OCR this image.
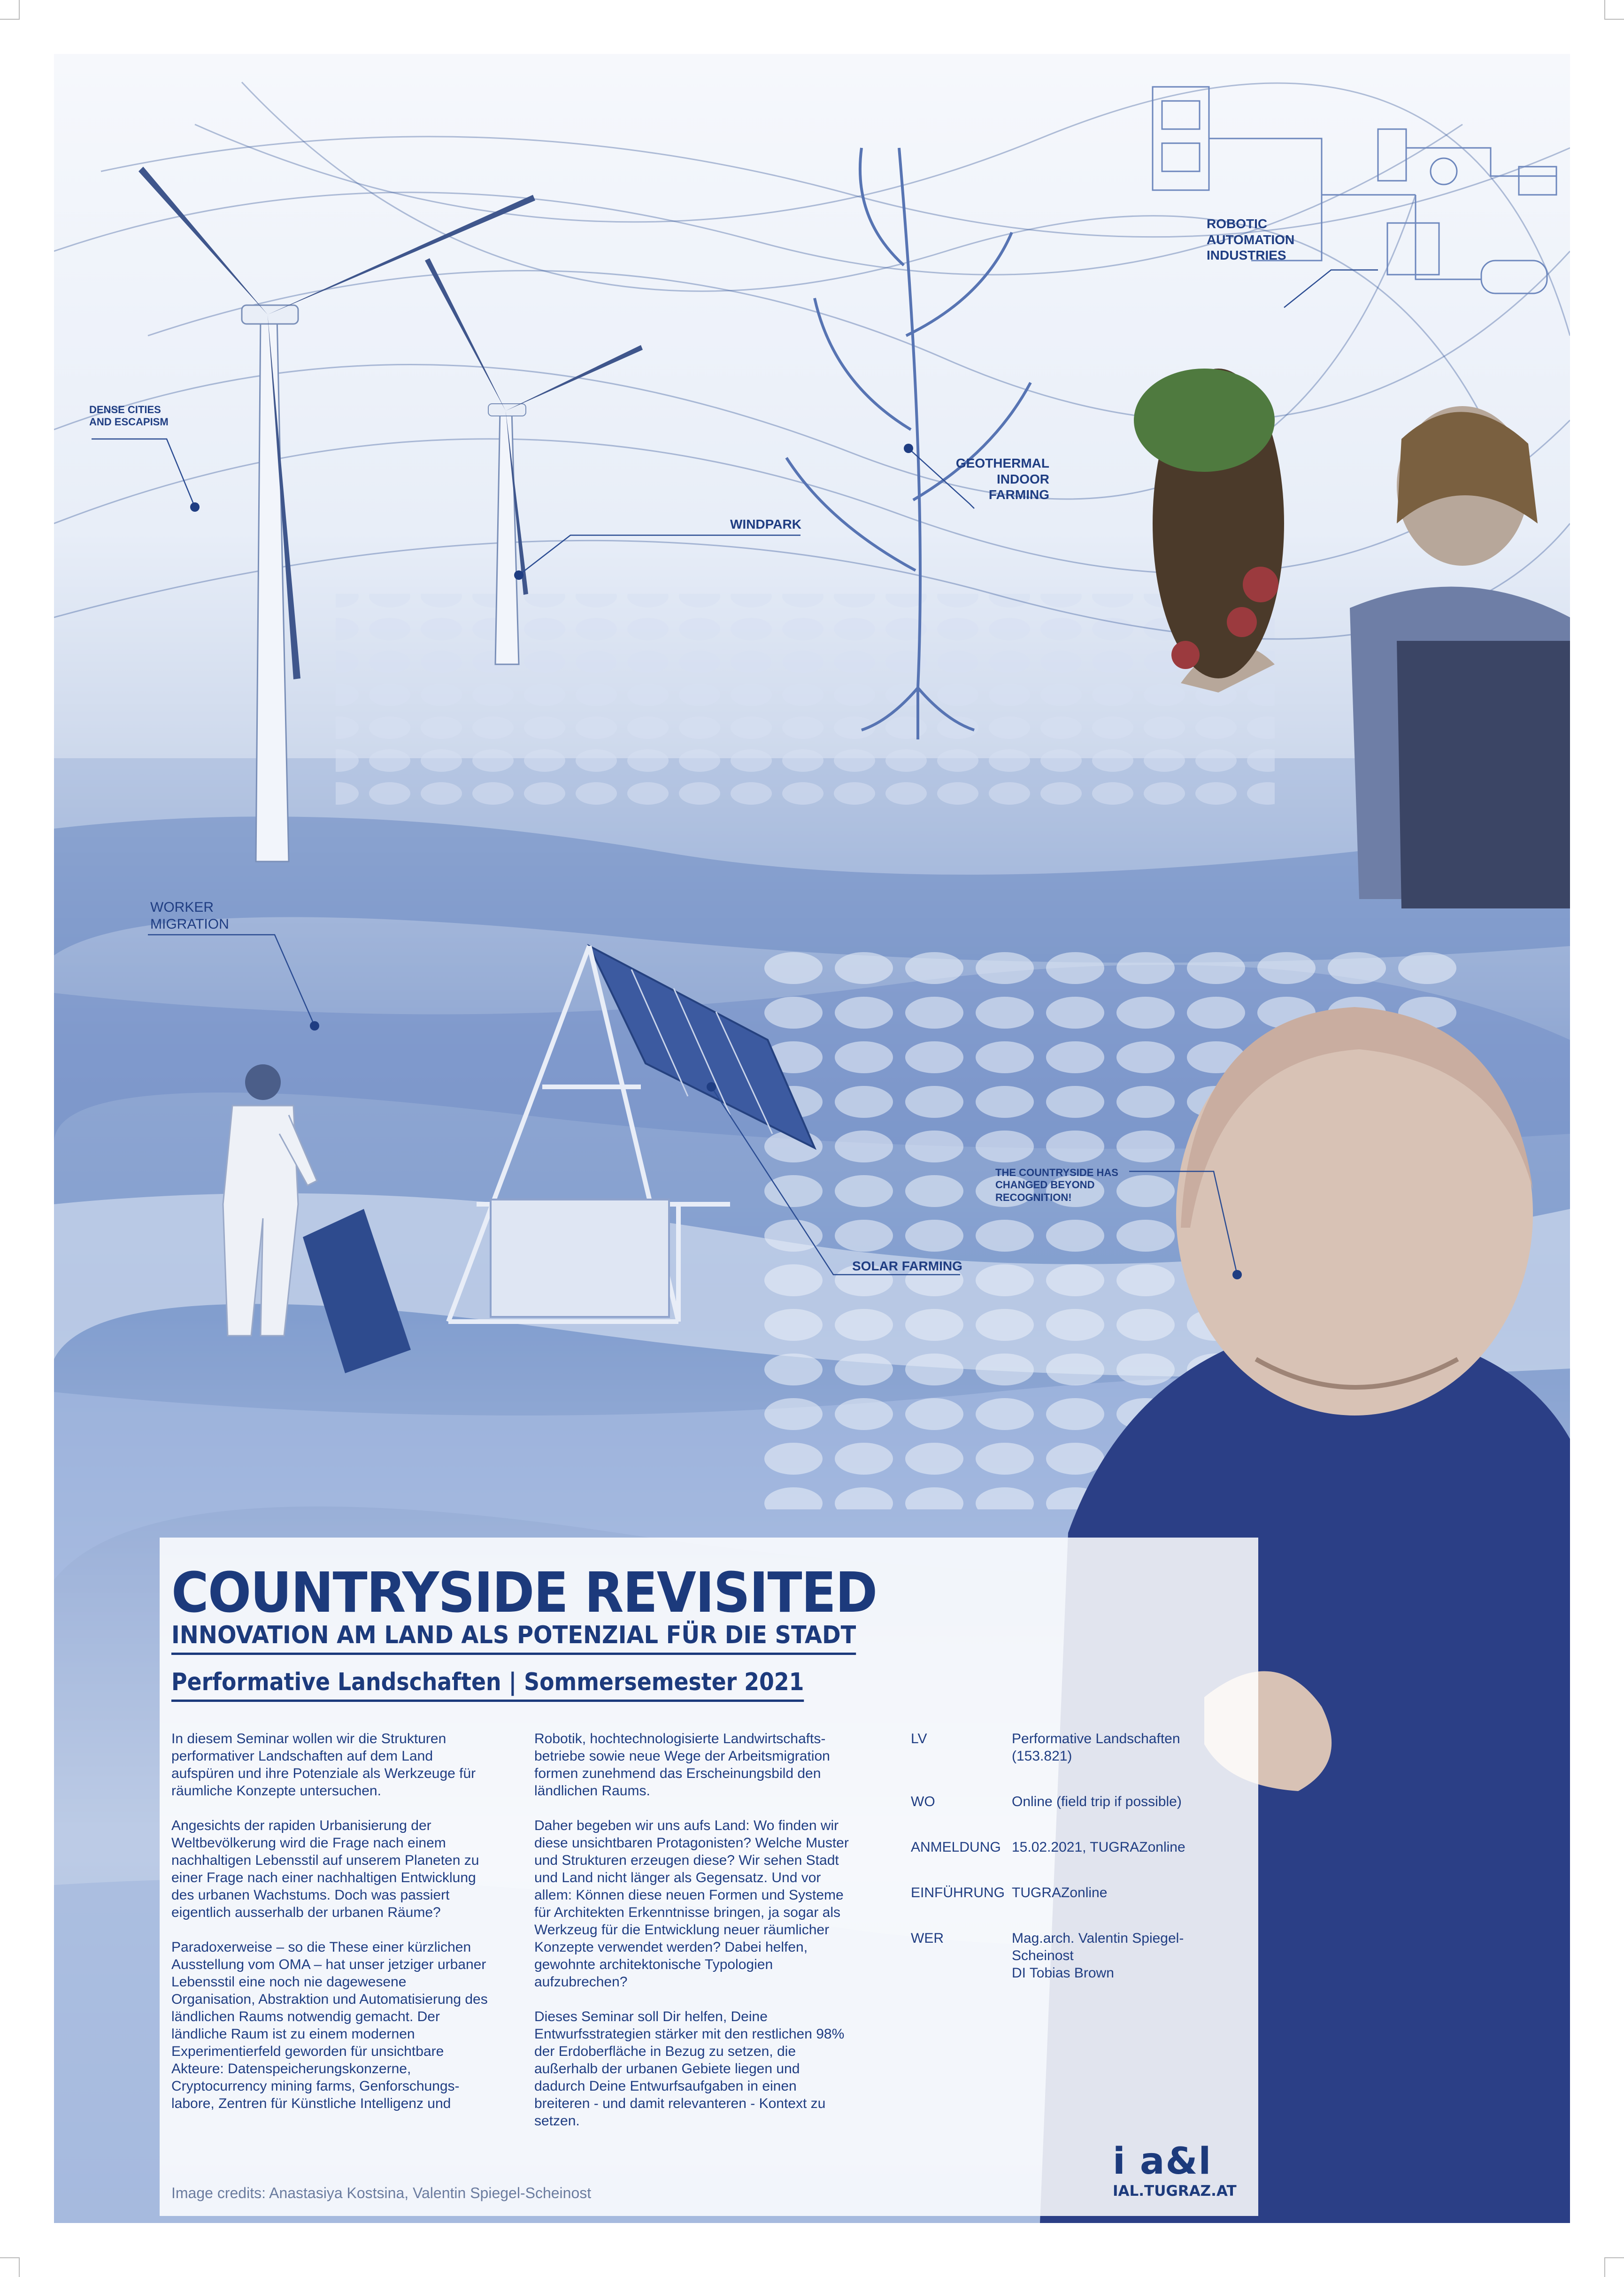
ROBOTIC
AUTOMATION
INDUSTRIES
DENSE CITIES
AND ESCAPISM
GEOTHERMAL
INDOOR
FARMING
WINDPARK
WORKER
MIGRATION
THE COUNTRYSIDE HAS
CHANGED BEYOND
RECOGNITION!
SOLAR FARMING
COUNTRYSIDE REVISITED
INNOVATION AM LAND ALS POTENZIAL FÜR DIE STADT
Performative Landschaften | Sommersemester 2021

In diesem Seminar wollen wir die Strukturen performativer Landschaften auf dem Land aufspüren und ihre Potenziale als Werkzeuge für räumliche Konzepte untersuchen.

Angesichts der rapiden Urbanisierung der Weltbevölkerung wird die Frage nach einem nachhaltigen Lebensstil auf unserem Planeten zu einer Frage nach einer nachhaltigen Entwicklung des urbanen Wachstums. Doch was passiert eigentlich ausserhalb der urbanen Räume?

Paradoxerweise – so die These einer kürzlichen Ausstellung vom OMA – hat unser jetziger urbaner Lebensstil eine noch nie dagewesene Organisation, Abstraktion und Automatisierung des ländlichen Raums notwendig gemacht. Der ländliche Raum ist zu einem modernen Experimentierfeld geworden für unsichtbare Akteure: Datenspeicherungskonzerne, Cryptocurrency mining farms, Genforschungs-labore, Zentren für Künstliche Intelligenz und

Robotik, hochtechnologisierte Landwirtschafts-betriebe sowie neue Wege der Arbeitsmigration formen zunehmend das Erscheinungsbild den ländlichen Raums.

Daher begeben wir uns aufs Land: Wo finden wir diese unsichtbaren Protagonisten? Welche Muster und Strukturen erzeugen diese? Wir sehen Stadt und Land nicht länger als Gegensatz. Und vor allem: Können diese neuen Formen und Systeme für Architekten Erkenntnisse bringen, ja sogar als Werkzeug für die Entwicklung neuer räumlicher Konzepte verwendet werden? Dabei helfen, gewohnte architektonische Typologien aufzubrechen?

Dieses Seminar soll Dir helfen, Deine Entwurfsstrategien stärker mit den restlichen 98% der Erdoberfläche in Bezug zu setzen, die außerhalb der urbanen Gebiete liegen und dadurch Deine Entwurfsaufgaben in einen breiteren - und damit relevanteren - Kontext zu setzen.

LV	Performative Landschaften
(153.821)
WO	Online (field trip if possible)
ANMELDUNG 15.02.2021, TUGRAZonline
EINFÜHRUNG TUGRAZonline
WER	Mag.arch. Valentin Spiegel-
Scheinost
DI Tobias Brown
Image credits: Anastasiya Kostsina, Valentin Spiegel-Scheinost
i a&l
IAL.TUGRAZ.AT
